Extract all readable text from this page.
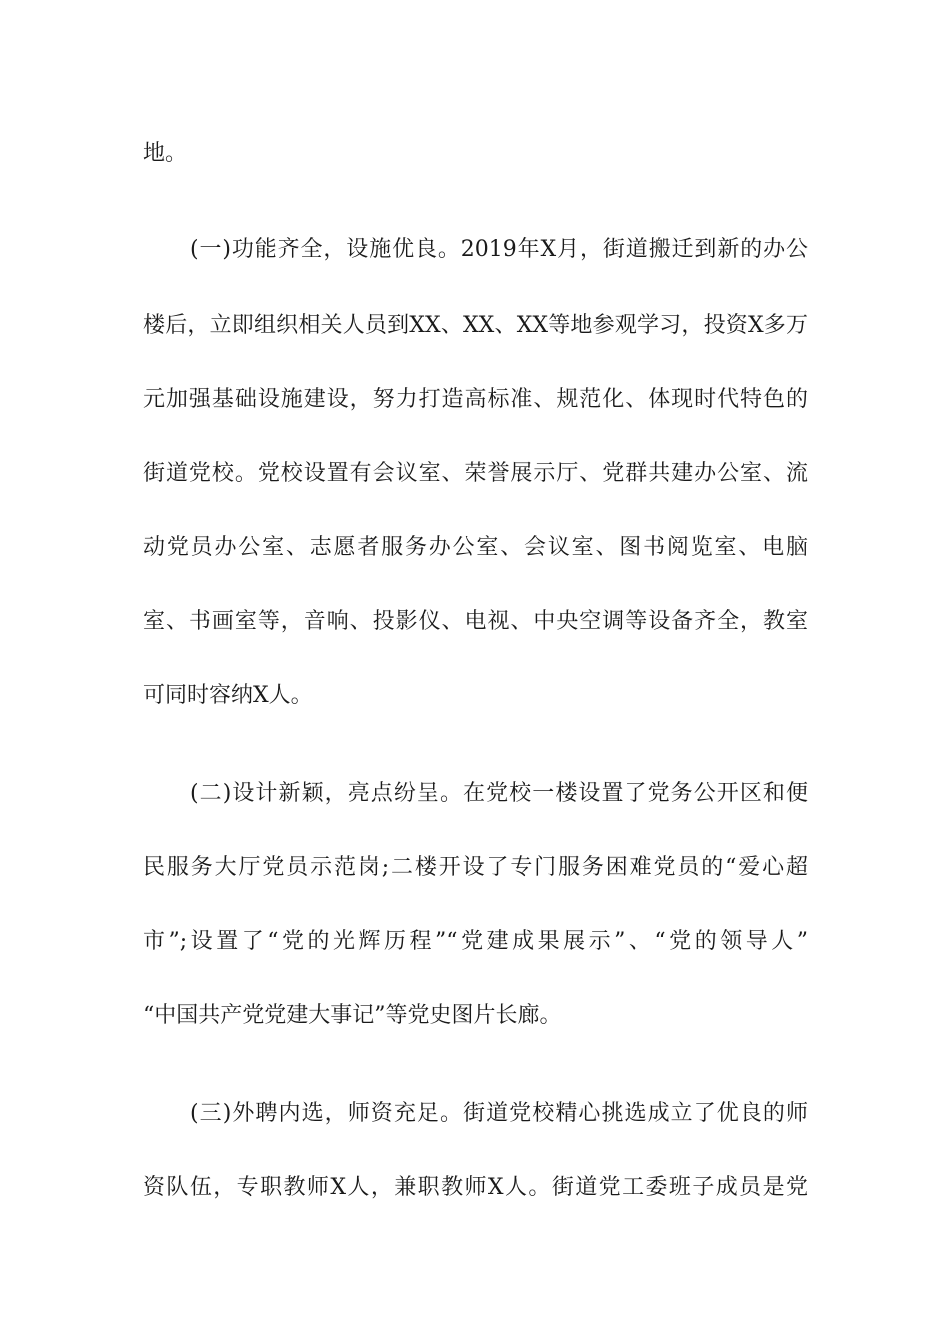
地。
(一)功能齐全，设施优良。2019年X月，街道搬迁到新的办公
楼后，立即组织相关人员到XX、XX、XX等地参观学习，投资X多万
元加强基础设施建设，努力打造高标准、规范化、体现时代特色的
街道党校。党校设置有会议室、荣誉展示厅、党群共建办公室、流
动党员办公室、志愿者服务办公室、会议室、图书阅览室、电脑
室、书画室等，音响、投影仪、电视、中央空调等设备齐全，教室
可同时容纳X人。
(二)设计新颖，亮点纷呈。在党校一楼设置了党务公开区和便
民服务大厅党员示范岗;二楼开设了专门服务困难党员的“爱心超
市”;设置了“党的光辉历程”“党建成果展示”、“党的领导人”
“中国共产党党建大事记”等党史图片长廊。
(三)外聘内选，师资充足。街道党校精心挑选成立了优良的师
资队伍，专职教师X人，兼职教师X人。街道党工委班子成员是党
